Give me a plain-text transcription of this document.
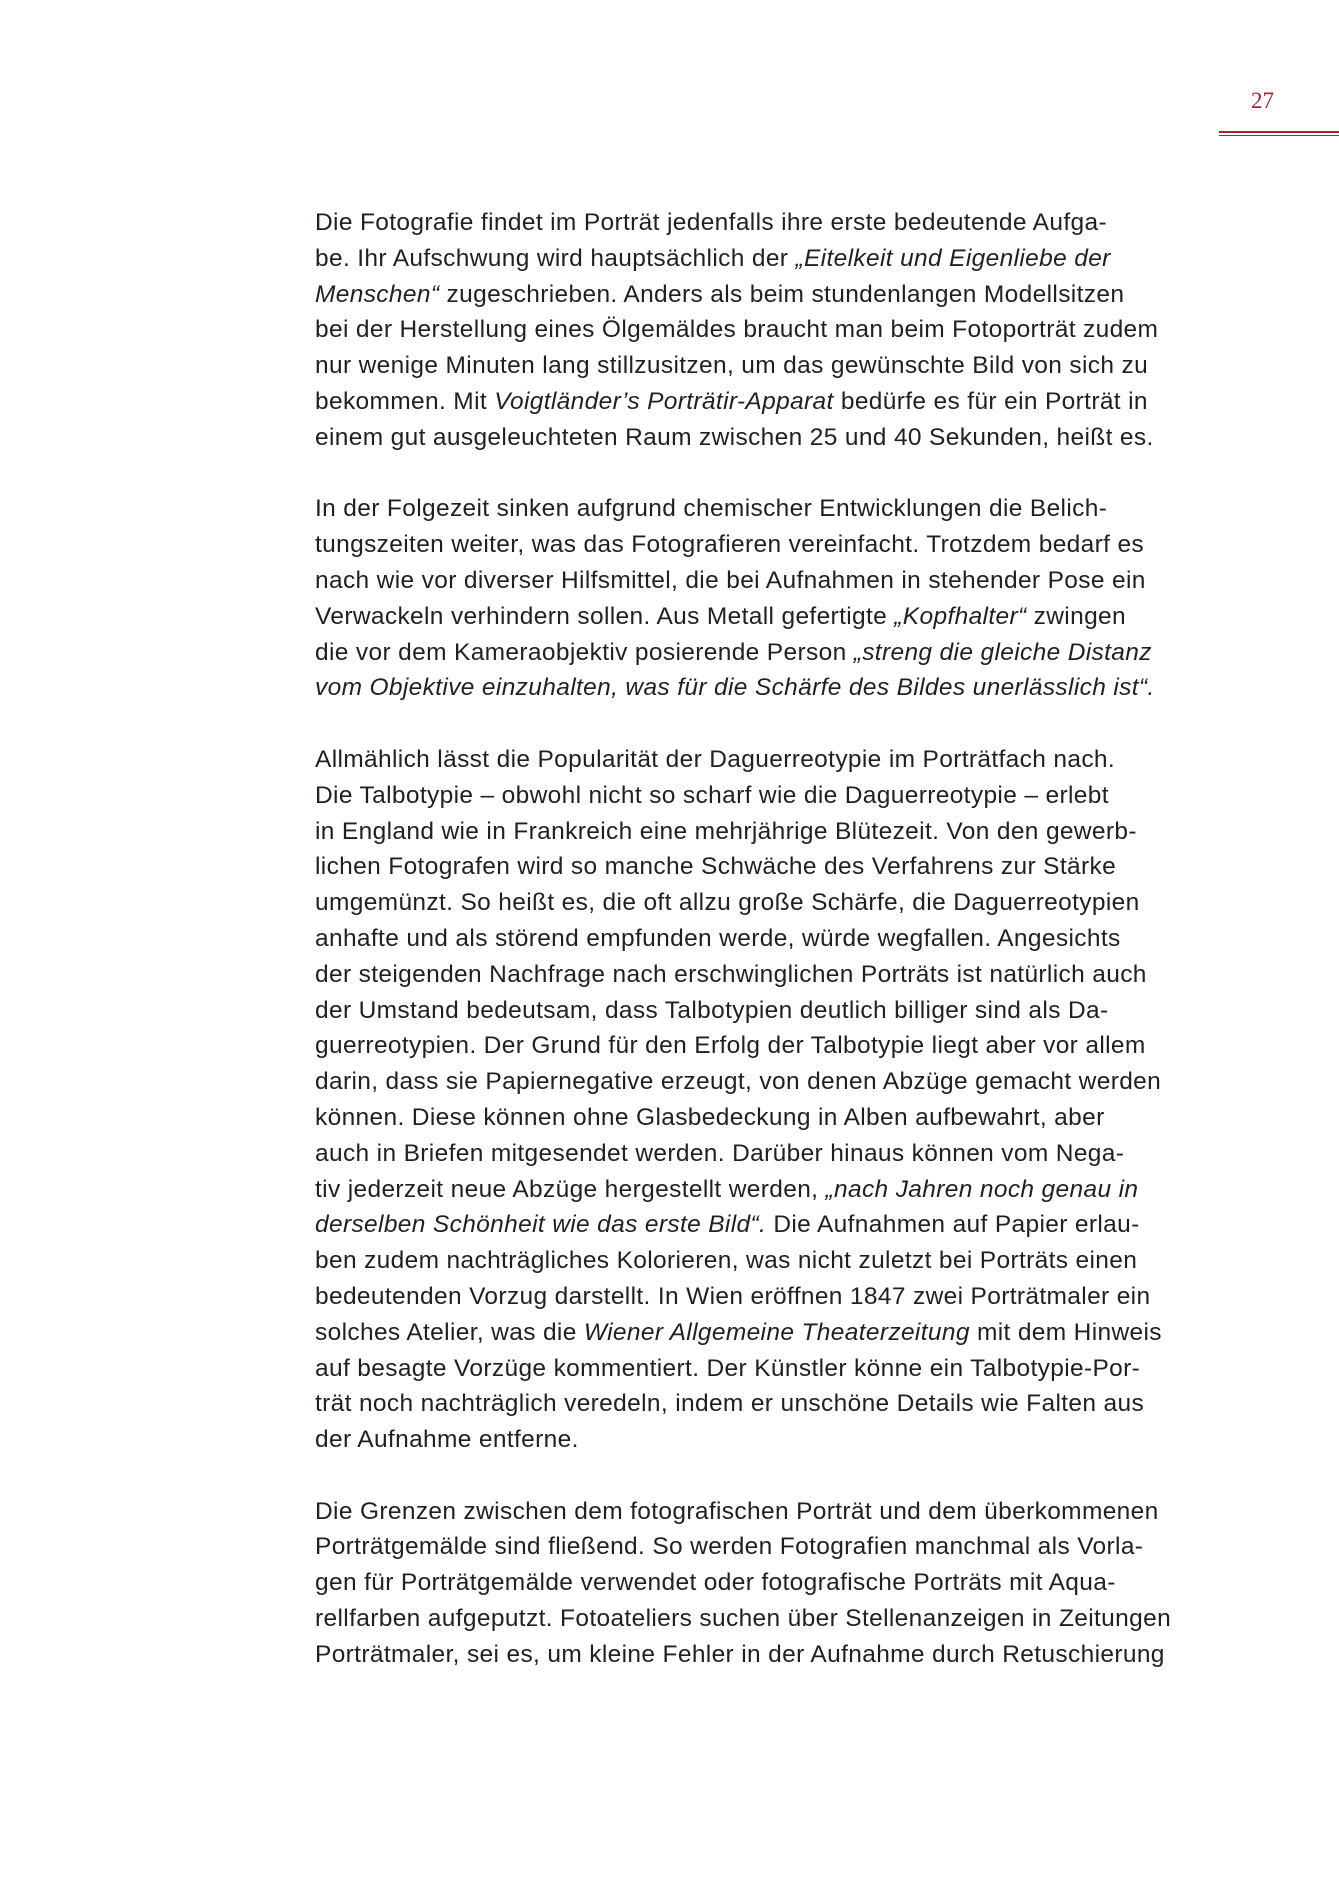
27
Die Fotografie findet im Porträt jedenfalls ihre erste bedeutende Aufga-
be. Ihr Aufschwung wird hauptsächlich der „Eitelkeit und Eigenliebe der
Menschen“ zugeschrieben. Anders als beim stundenlangen Modellsitzen
bei der Herstellung eines Ölgemäldes braucht man beim Fotoporträt zudem
nur wenige Minuten lang stillzusitzen, um das gewünschte Bild von sich zu
bekommen. Mit Voigtländer’s Porträtir-Apparat bedürfe es für ein Porträt in
einem gut ausgeleuchteten Raum zwischen 25 und 40 Sekunden, heißt es.
In der Folgezeit sinken aufgrund chemischer Entwicklungen die Belich-
tungszeiten weiter, was das Fotografieren vereinfacht. Trotzdem bedarf es
nach wie vor diverser Hilfsmittel, die bei Aufnahmen in stehender Pose ein
Verwackeln verhindern sollen. Aus Metall gefertigte „Kopfhalter“ zwingen
die vor dem Kameraobjektiv posierende Person „streng die gleiche Distanz
vom Objektive einzuhalten, was für die Schärfe des Bildes unerlässlich ist“.
Allmählich lässt die Popularität der Daguerreotypie im Porträtfach nach.
Die Talbotypie – obwohl nicht so scharf wie die Daguerreotypie – erlebt
in England wie in Frankreich eine mehrjährige Blütezeit. Von den gewerb-
lichen Fotografen wird so manche Schwäche des Verfahrens zur Stärke
umgemünzt. So heißt es, die oft allzu große Schärfe, die Daguerreotypien
anhafte und als störend empfunden werde, würde wegfallen. Angesichts
der steigenden Nachfrage nach erschwinglichen Porträts ist natürlich auch
der Umstand bedeutsam, dass Talbotypien deutlich billiger sind als Da-
guerreotypien. Der Grund für den Erfolg der Talbotypie liegt aber vor allem
darin, dass sie Papiernegative erzeugt, von denen Abzüge gemacht werden
können. Diese können ohne Glasbedeckung in Alben aufbewahrt, aber
auch in Briefen mitgesendet werden. Darüber hinaus können vom Nega-
tiv jederzeit neue Abzüge hergestellt werden, „nach Jahren noch genau in
derselben Schönheit wie das erste Bild“. Die Aufnahmen auf Papier erlau-
ben zudem nachträgliches Kolorieren, was nicht zuletzt bei Porträts einen
bedeutenden Vorzug darstellt. In Wien eröffnen 1847 zwei Porträtmaler ein
solches Atelier, was die Wiener Allgemeine Theaterzeitung mit dem Hinweis
auf besagte Vorzüge kommentiert. Der Künstler könne ein Talbotypie-Por-
trät noch nachträglich veredeln, indem er unschöne Details wie Falten aus
der Aufnahme entferne.
Die Grenzen zwischen dem fotografischen Porträt und dem überkommenen
Porträtgemälde sind fließend. So werden Fotografien manchmal als Vorla-
gen für Porträtgemälde verwendet oder fotografische Porträts mit Aqua-
rellfarben aufgeputzt. Fotoateliers suchen über Stellenanzeigen in Zeitungen
Porträtmaler, sei es, um kleine Fehler in der Aufnahme durch Retuschierung
